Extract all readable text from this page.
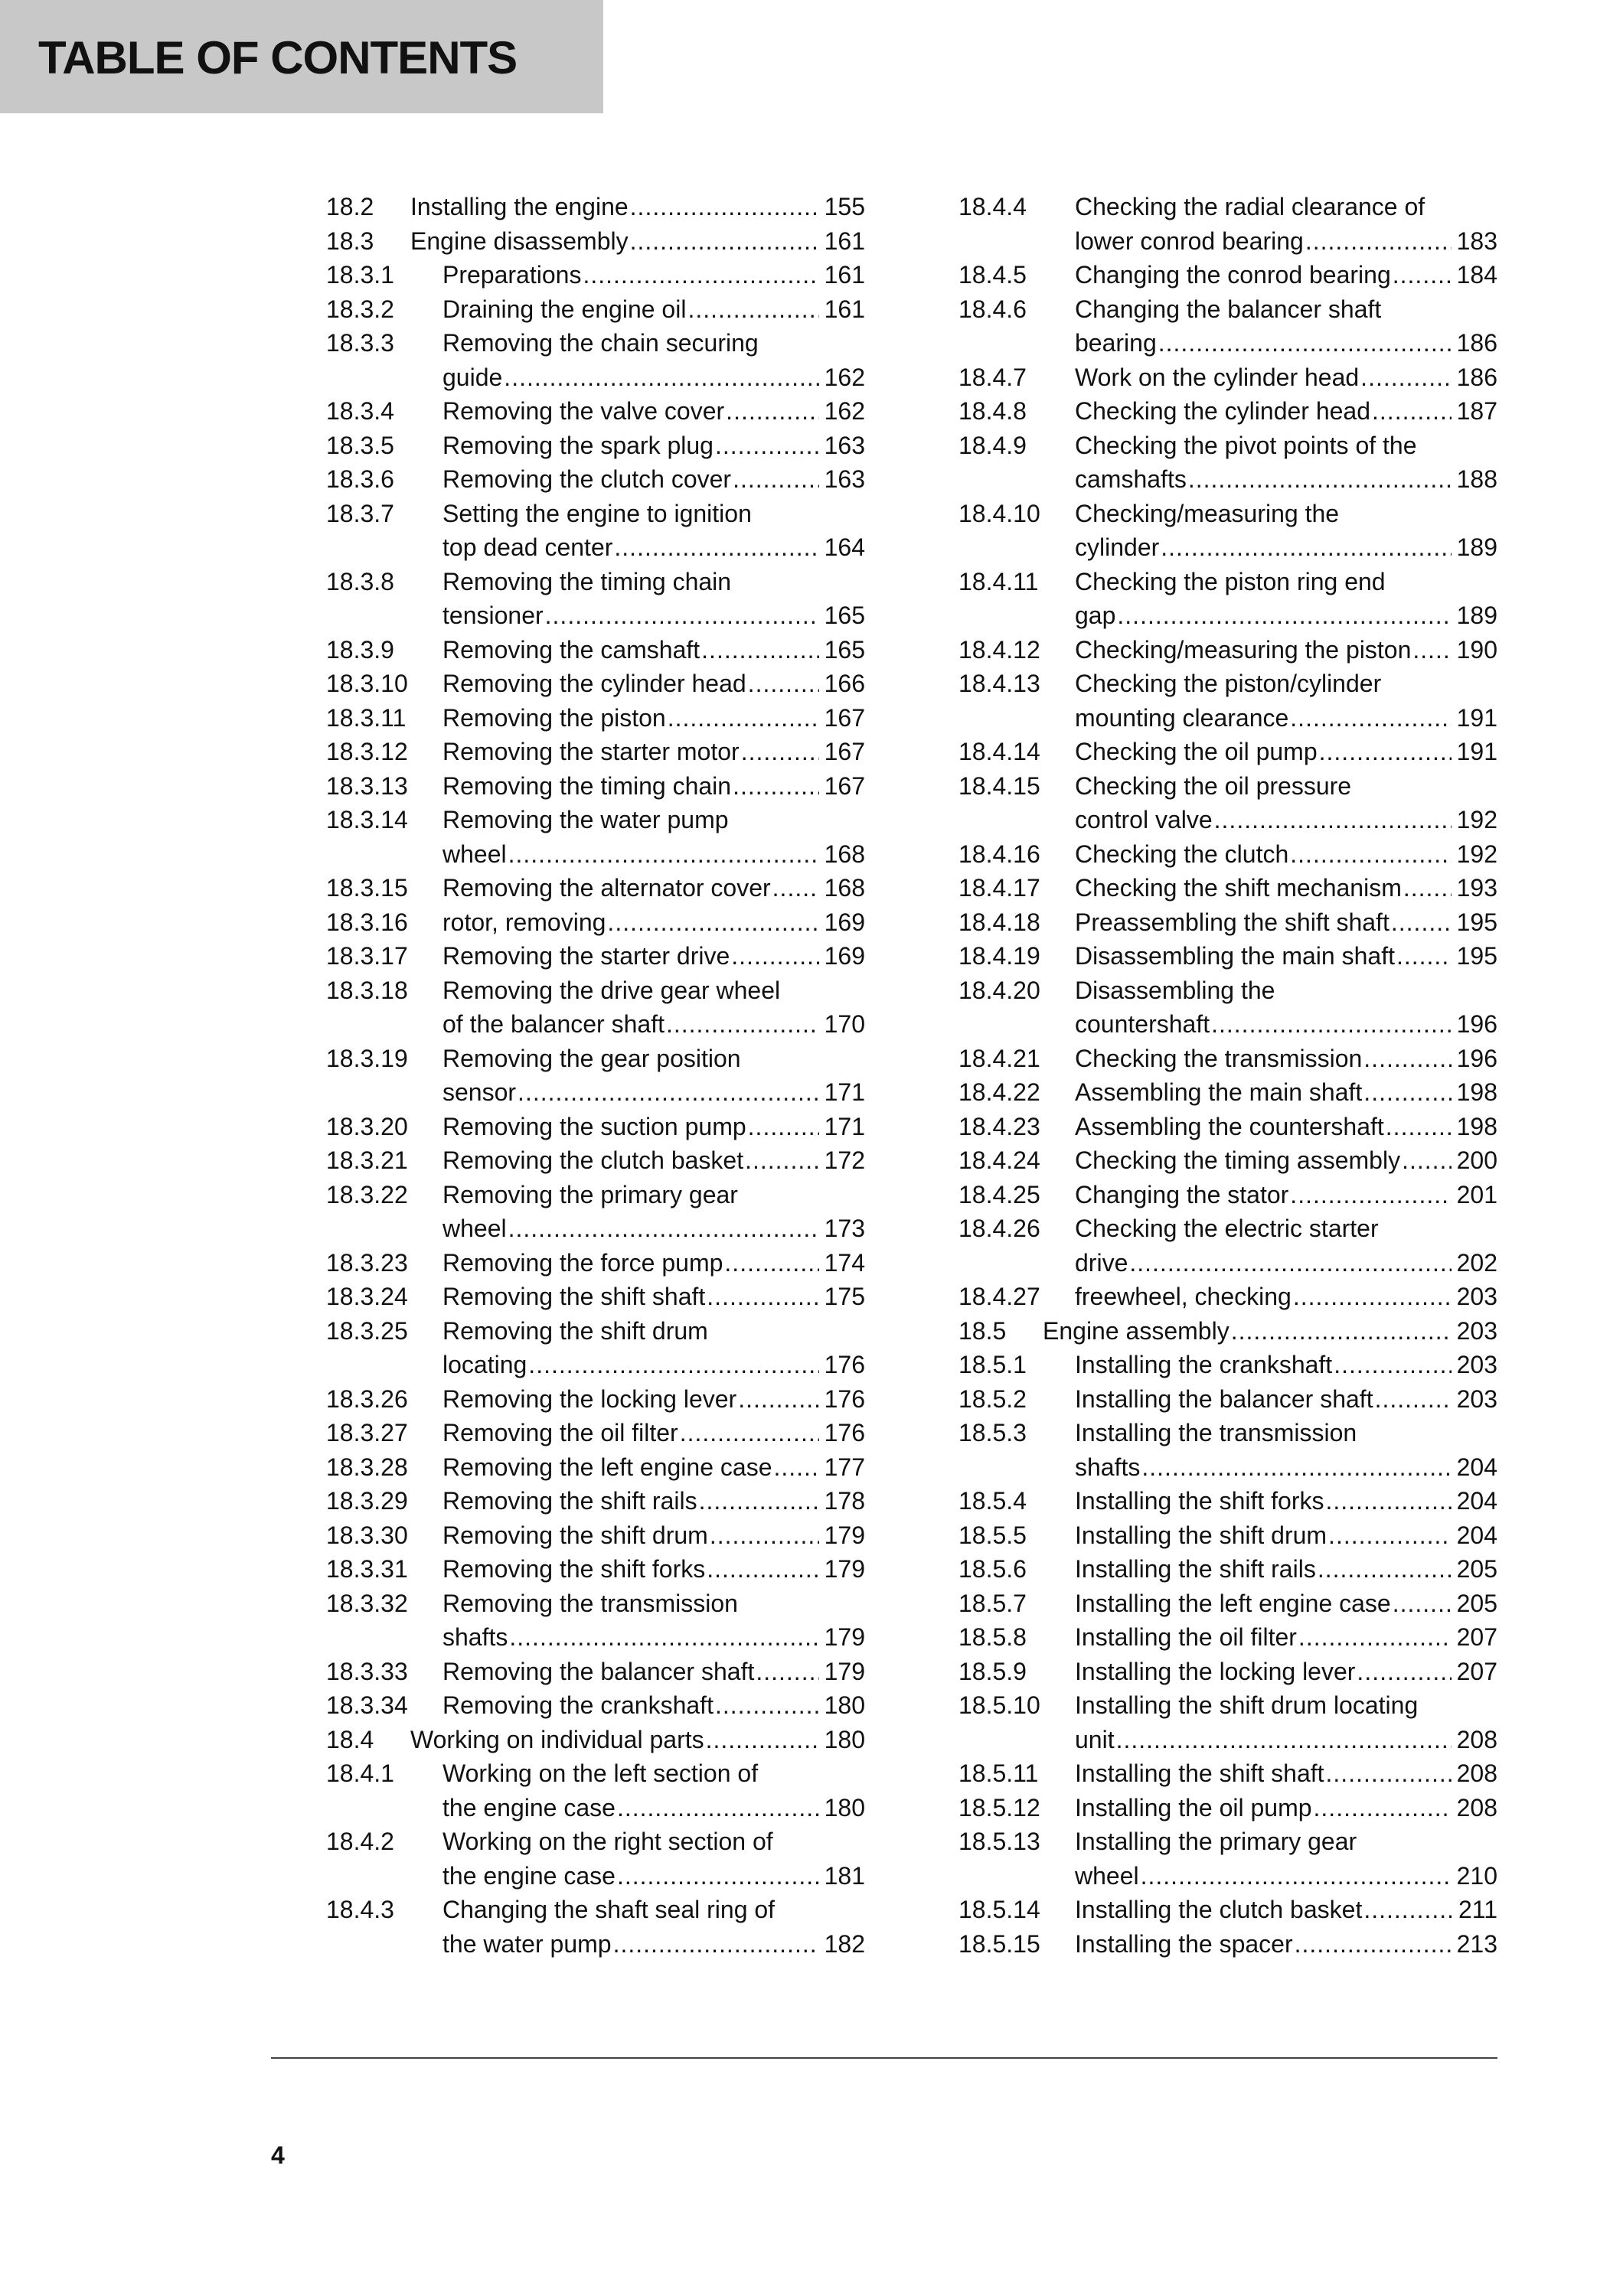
TABLE OF CONTENTS
18.2 Installing the engine .....	155
18.3 Engine disassembly .....	161
18.3.1 Preparations .....	161
18.3.2 Draining the engine oil .....	161
18.3.3 Removing the chain securing
guide .....	162
18.3.4 Removing the valve cover .....	162
18.3.5 Removing the spark plug .....	163
18.3.6 Removing the clutch cover .....	163
18.3.7 Setting the engine to ignition
top dead center .....	164
18.3.8 Removing the timing chain
tensioner .....	165
18.3.9 Removing the camshaft .....	165
18.3.10 Removing the cylinder head .....	166
18.3.11 Removing the piston .....	167
18.3.12 Removing the starter motor .....	167
18.3.13 Removing the timing chain .....	167
18.3.14 Removing the water pump
wheel .....	168
18.3.15 Removing the alternator cover ..... 168
18.3.16 rotor, removing .....	169
18.3.17 Removing the starter drive .....	169
18.3.18 Removing the drive gear wheel
of the balancer shaft .....	170
18.3.19 Removing the gear position
sensor .....	171
18.3.20 Removing the suction pump .....	171
18.3.21 Removing the clutch basket .....	172
18.3.22 Removing the primary gear
wheel .....	173
18.3.23 Removing the force pump .....	174
18.3.24 Removing the shift shaft .....	175
18.3.25 Removing the shift drum
locating .....	176
18.3.26 Removing the locking lever .....	176
18.3.27 Removing the oil filter .....	176
18.3.28 Removing the left engine case ..... 177
18.3.29 Removing the shift rails .....	178
18.3.30 Removing the shift drum .....	179
18.3.31 Removing the shift forks .....	179
18.3.32 Removing the transmission
shafts .....	179
18.3.33 Removing the balancer shaft .....	179
18.3.34 Removing the crankshaft .....	180
18.4 Working on individual parts .....	180
18.4.1 Working on the left section of
the engine case .....	180
18.4.2 Working on the right section of
the engine case .....	181
18.4.3 Changing the shaft seal ring of
the water pump .....	182
18.4.4 Checking the radial clearance of
lower conrod bearing .....	183
18.4.5 Changing the conrod bearing .....	184
18.4.6 Changing the balancer shaft
bearing .....	186
18.4.7 Work on the cylinder head .....	186
18.4.8 Checking the cylinder head .....	187
18.4.9 Checking the pivot points of the
camshafts .....	188
18.4.10 Checking/measuring the
cylinder .....	189
18.4.11 Checking the piston ring end
gap .....	189
18.4.12 Checking/measuring the piston ..... 190
18.4.13 Checking the piston/cylinder
mounting clearance .....	191
18.4.14 Checking the oil pump .....	191
18.4.15 Checking the oil pressure
control valve .....	192
18.4.16 Checking the clutch .....	192
18.4.17 Checking the shift mechanism ..... 193
18.4.18 Preassembling the shift shaft .....	195
18.4.19 Disassembling the main shaft .....	195
18.4.20 Disassembling the
countershaft .....	196
18.4.21 Checking the transmission .....	196
18.4.22 Assembling the main shaft .....	198
18.4.23 Assembling the countershaft .....	198
18.4.24 Checking the timing assembly ..... 200
18.4.25 Changing the stator .....	201
18.4.26 Checking the electric starter
drive .....	202
18.4.27 freewheel, checking .....	203
18.5 Engine assembly .....	203
18.5.1 Installing the crankshaft .....	203
18.5.2 Installing the balancer shaft .....	203
18.5.3 Installing the transmission
shafts .....	204
18.5.4 Installing the shift forks .....	204
18.5.5 Installing the shift drum .....	204
18.5.6 Installing the shift rails .....	205
18.5.7 Installing the left engine case .....	205
18.5.8 Installing the oil filter .....	207
18.5.9 Installing the locking lever .....	207
18.5.10 Installing the shift drum locating
unit .....	208
18.5.11 Installing the shift shaft .....	208
18.5.12 Installing the oil pump .....	208
18.5.13 Installing the primary gear
wheel .....	210
18.5.14 Installing the clutch basket .....	211
18.5.15 Installing the spacer .....	213
4
